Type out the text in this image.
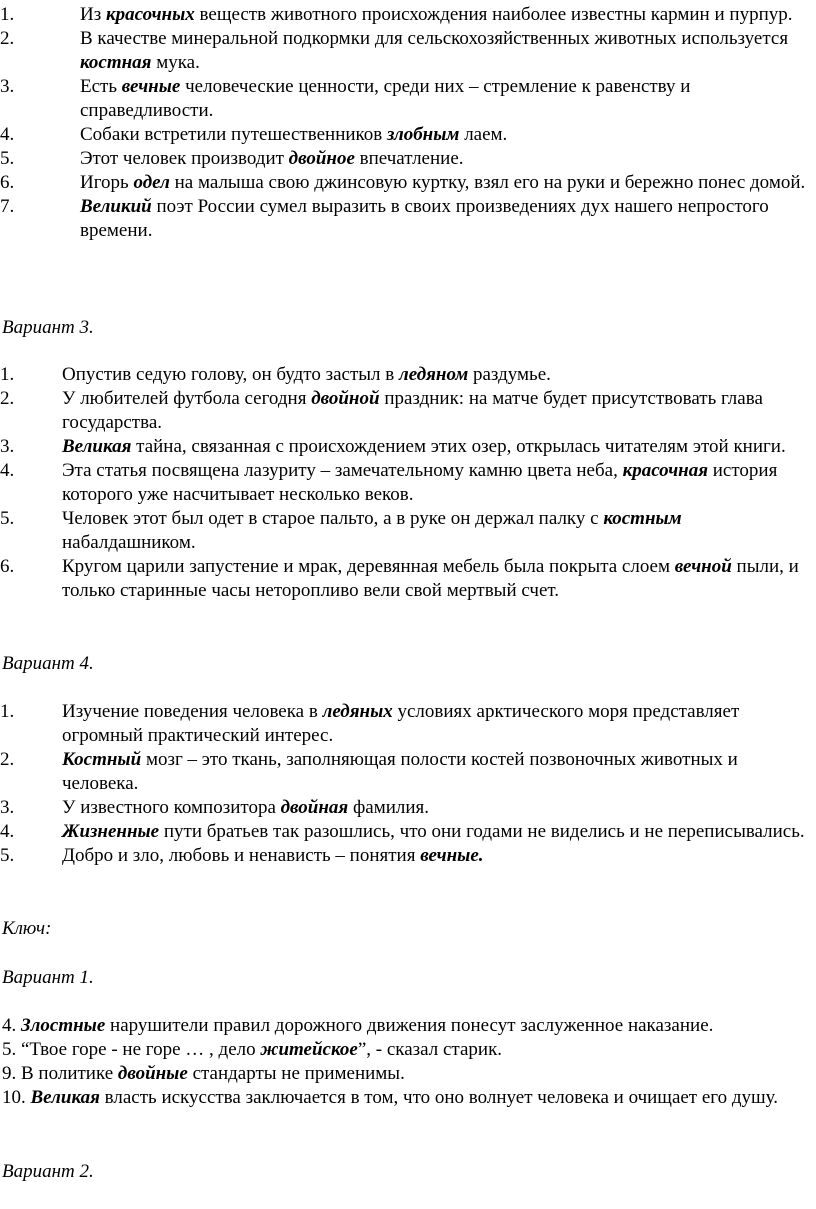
1.	Из красочных веществ животного происхождения наиболее известны кармин и пурпур.
2.	В качестве минеральной подкормки для сельскохозяйственных животных используется костная мука.
3.	Есть вечные человеческие ценности, среди них – стремление к равенству и справедливости.
4.	Собаки встретили путешественников злобным лаем.
5.	Этот человек производит двойное впечатление.
6.	Игорь одел на малыша свою джинсовую куртку, взял его на руки и бережно понес домой.
7.	Великий поэт России сумел выразить в своих произведениях дух нашего непростого времени.

Вариант 3.

1.	Опустив седую голову, он будто застыл в ледяном раздумье.
2.	У любителей футбола сегодня двойной праздник: на матче будет присутствовать глава государства.
3.	Великая тайна, связанная с происхождением этих озер, открылась читателям этой книги.
4.	Эта статья посвящена лазуриту – замечательному камню цвета неба, красочная история которого уже насчитывает несколько веков.
5.	Человек этот был одет в старое пальто, а в руке он держал палку с костным набалдашником.
6.	Кругом царили запустение и мрак, деревянная мебель была покрыта слоем вечной пыли, и только старинные часы неторопливо вели свой мертвый счет.

Вариант 4.

1.	Изучение поведения человека в ледяных условиях арктического моря представляет огромный практический интерес.
2.	Костный мозг – это ткань, заполняющая полости костей позвоночных животных и человека.
3.	У известного композитора двойная фамилия.
4.	Жизненные пути братьев так разошлись, что они годами не виделись и не переписывались.
5.	Добро и зло, любовь и ненависть – понятия вечные.

Ключ:

Вариант 1.

4. Злостные нарушители правил дорожного движения понесут заслуженное наказание.

5. “Твое горе - не горе … , дело житейское”, - сказал старик.

9. В политике двойные стандарты не применимы.

10. Великая власть искусства заключается в том, что оно волнует человека и очищает его душу.

Вариант 2.
